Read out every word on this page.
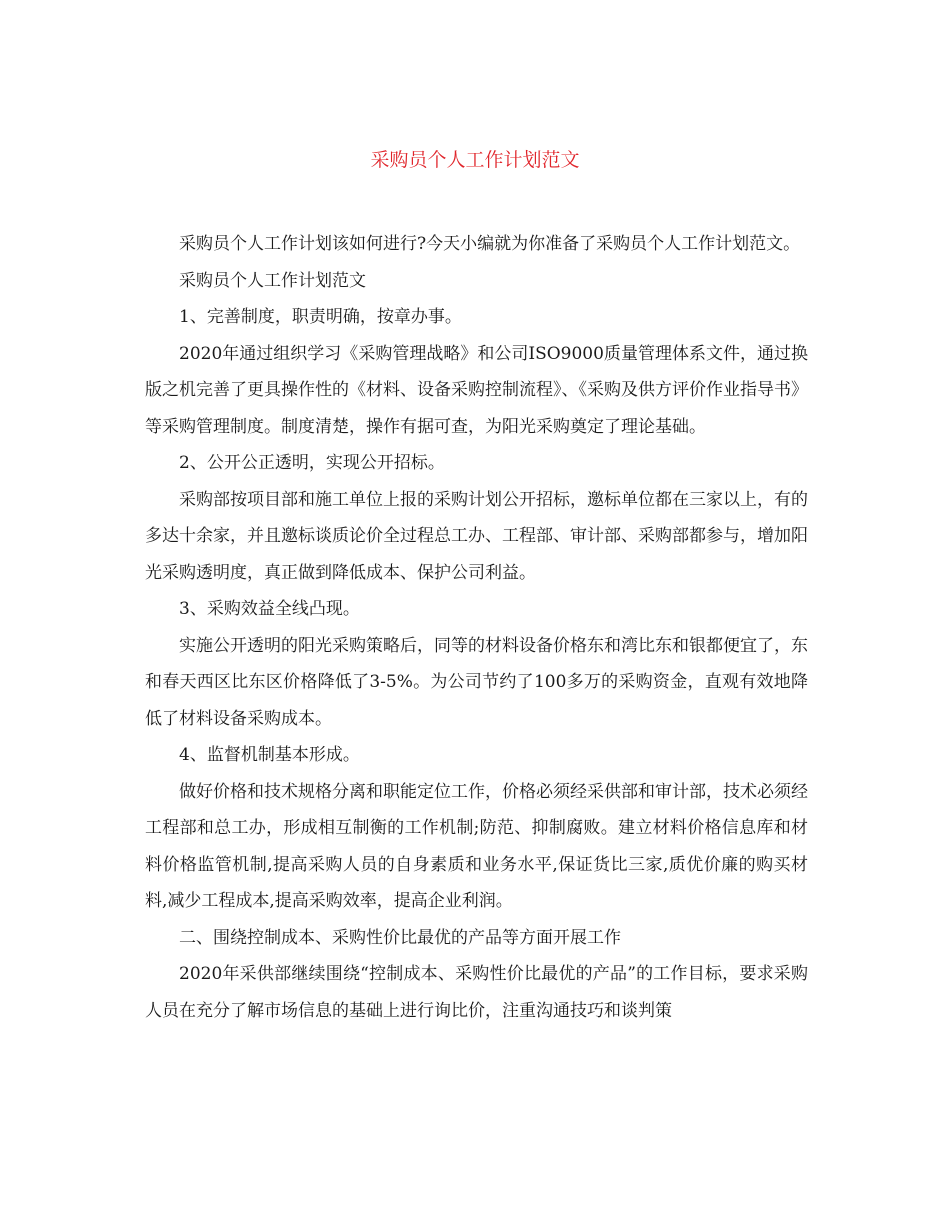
采购员个人工作计划范文

采购员个人工作计划该如何进行?今天小编就为你准备了采购员个人工作计划范文。

采购员个人工作计划范文

1、完善制度，职责明确，按章办事。

2020年通过组织学习《采购管理战略》和公司ISO9000质量管理体系文件，通过换版之机完善了更具操作性的《材料、设备采购控制流程》、《采购及供方评价作业指导书》等采购管理制度。制度清楚，操作有据可查，为阳光采购奠定了理论基础。

2、公开公正透明，实现公开招标。

采购部按项目部和施工单位上报的采购计划公开招标，邀标单位都在三家以上，有的多达十余家，并且邀标谈质论价全过程总工办、工程部、审计部、采购部都参与，增加阳光采购透明度，真正做到降低成本、保护公司利益。

3、采购效益全线凸现。

实施公开透明的阳光采购策略后，同等的材料设备价格东和湾比东和银都便宜了，东和春天西区比东区价格降低了3-5%。为公司节约了100多万的采购资金，直观有效地降低了材料设备采购成本。

4、监督机制基本形成。

做好价格和技术规格分离和职能定位工作，价格必须经采供部和审计部，技术必须经工程部和总工办，形成相互制衡的工作机制;防范、抑制腐败。建立材料价格信息库和材料价格监管机制,提高采购人员的自身素质和业务水平,保证货比三家,质优价廉的购买材料,减少工程成本,提高采购效率，提高企业利润。

二、围绕控制成本、采购性价比最优的产品等方面开展工作

2020年采供部继续围绕“控制成本、采购性价比最优的产品”的工作目标，要求采购人员在充分了解市场信息的基础上进行询比价，注重沟通技巧和谈判策
